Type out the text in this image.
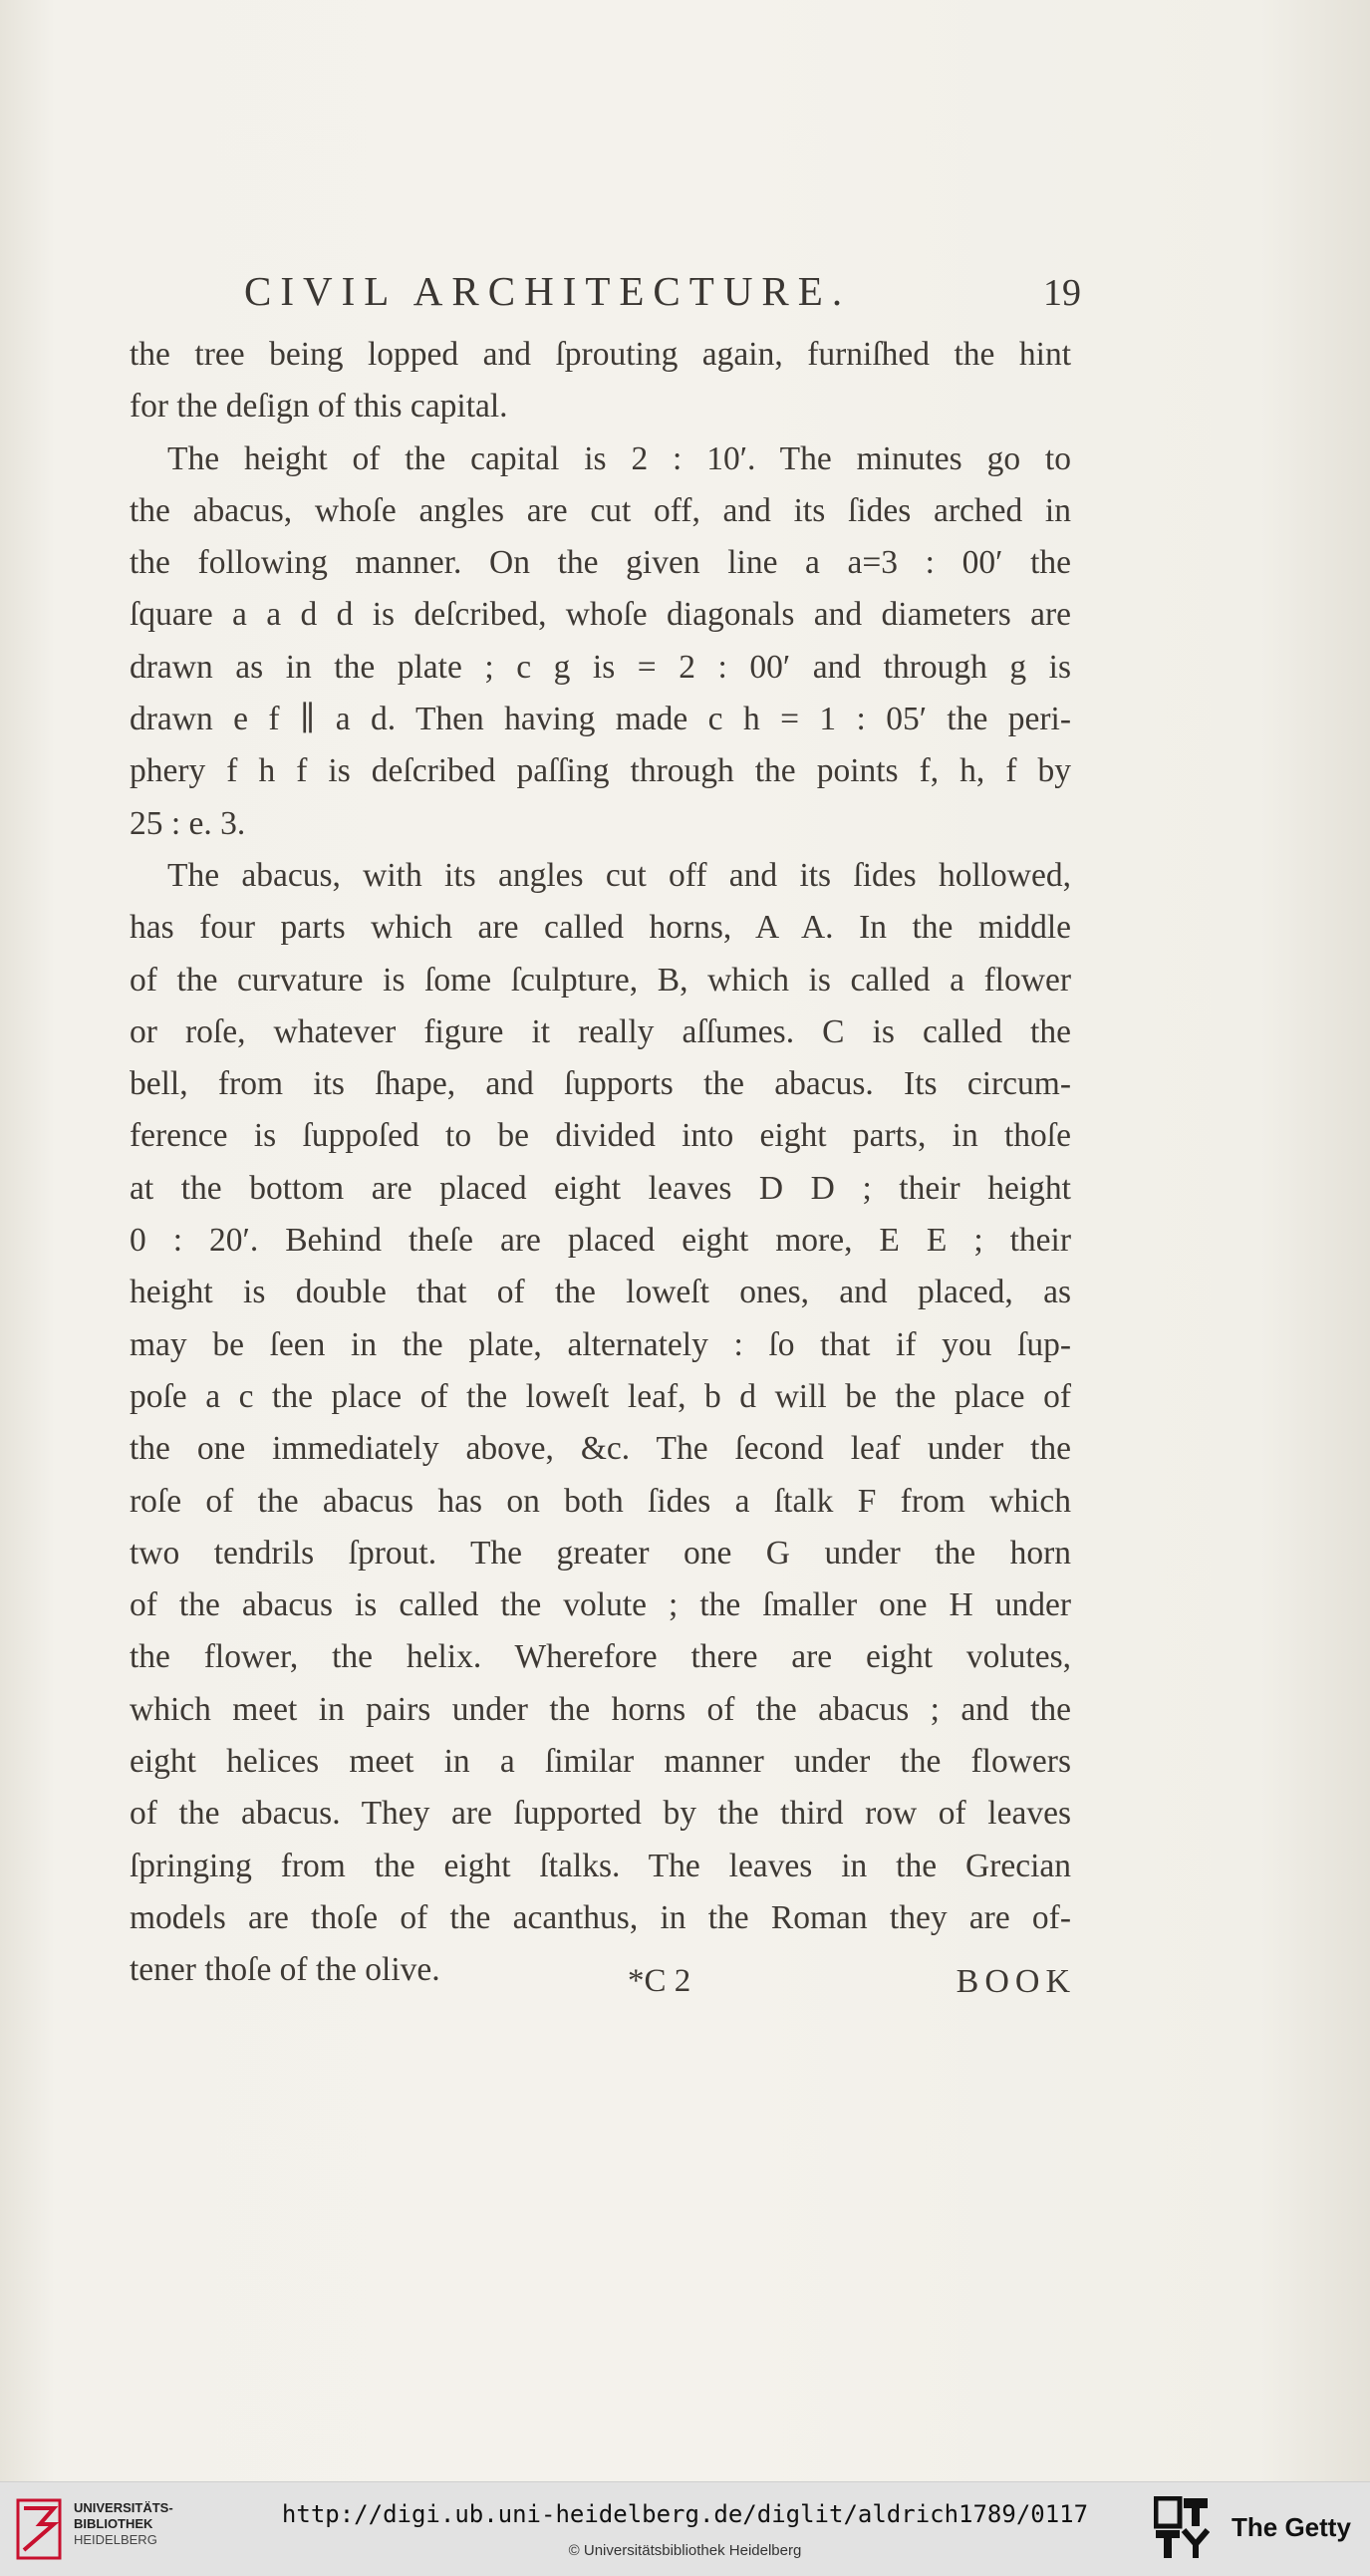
CIVIL ARCHITECTURE.	19
the tree being lopped and ſprouting again, furniſhed the hint
for the deſign of this capital.
The height of the capital is 2 : 10′. The minutes go to
the abacus, whoſe angles are cut off, and its ſides arched in
the following manner. On the given line a a=3 : 00′ the
ſquare a a d d is deſcribed, whoſe diagonals and diameters are
drawn as in the plate ; c g is = 2 : 00′ and through g is
drawn e f ∥ a d. Then having made c h = 1 : 05′ the peri-
phery f h f is deſcribed paſſing through the points f, h, f by
25 : e. 3.
The abacus, with its angles cut off and its ſides hollowed,
has four parts which are called horns, A A. In the middle
of the curvature is ſome ſculpture, B, which is called a flower
or roſe, whatever figure it really aſſumes. C is called the
bell, from its ſhape, and ſupports the abacus. Its circum-
ference is ſuppoſed to be divided into eight parts, in thoſe
at the bottom are placed eight leaves D D ; their height
0 : 20′. Behind theſe are placed eight more, E E ; their
height is double that of the loweſt ones, and placed, as
may be ſeen in the plate, alternately : ſo that if you ſup-
poſe a c the place of the loweſt leaf, b d will be the place of
the one immediately above, &c. The ſecond leaf under the
roſe of the abacus has on both ſides a ſtalk F from which
two tendrils ſprout. The greater one G under the horn
of the abacus is called the volute ; the ſmaller one H under
the flower, the helix. Wherefore there are eight volutes,
which meet in pairs under the horns of the abacus ; and the
eight helices meet in a ſimilar manner under the flowers
of the abacus. They are ſupported by the third row of leaves
ſpringing from the eight ſtalks. The leaves in the Grecian
models are thoſe of the acanthus, in the Roman they are of-
tener thoſe of the olive.	*C 2	BOOK
UNIVERSITÄTS-
BIBLIOTHEK
HEIDELBERG
http://digi.ub.uni-heidelberg.de/diglit/aldrich1789/0117
© Universitätsbibliothek Heidelberg
The Getty
